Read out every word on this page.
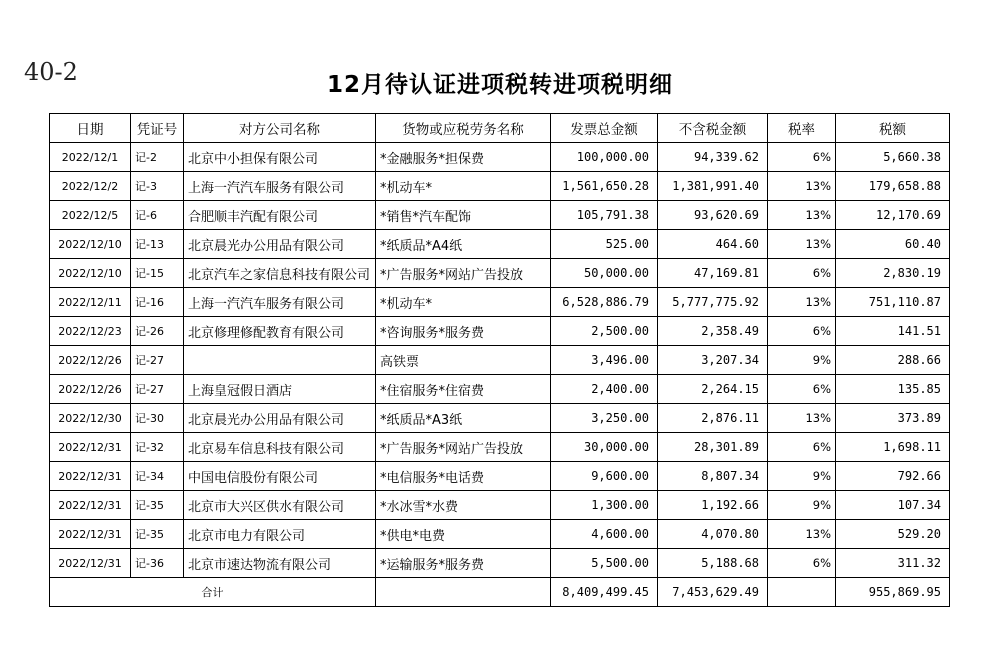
40-2	12月待认证进项税转进项税明细
日期	凭证号	对方公司名称	货物或应税劳务名称	发票总金额	不含税金额	税率	税额
2022/12/1	记-2	北京中小担保有限公司	*金融服务*担保费	100,000.00	94,339.62	6%	5,660.38
2022/12/2	记-3	上海一汽汽车服务有限公司	*机动车*	1,561,650.28	1,381,991.40	13%	179,658.88
2022/12/5	记-6	合肥顺丰汽配有限公司	*销售*汽车配饰	105,791.38	93,620.69	13%	12,170.69
2022/12/10	记-13	北京晨光办公用品有限公司	*纸质品*A4纸	525.00	464.60	13%	60.40
2022/12/10	记-15	北京汽车之家信息科技有限公司	*广告服务*网站广告投放	50,000.00	47,169.81	6%	2,830.19
2022/12/11	记-16	上海一汽汽车服务有限公司	*机动车*	6,528,886.79	5,777,775.92	13%	751,110.87
2022/12/23	记-26	北京修理修配教育有限公司	*咨询服务*服务费	2,500.00	2,358.49	6%	141.51
2022/12/26	记-27		高铁票	3,496.00	3,207.34	9%	288.66
2022/12/26	记-27	上海皇冠假日酒店	*住宿服务*住宿费	2,400.00	2,264.15	6%	135.85
2022/12/30	记-30	北京晨光办公用品有限公司	*纸质品*A3纸	3,250.00	2,876.11	13%	373.89
2022/12/31	记-32	北京易车信息科技有限公司	*广告服务*网站广告投放	30,000.00	28,301.89	6%	1,698.11
2022/12/31	记-34	中国电信股份有限公司	*电信服务*电话费	9,600.00	8,807.34	9%	792.66
2022/12/31	记-35	北京市大兴区供水有限公司	*水冰雪*水费	1,300.00	1,192.66	9%	107.34
2022/12/31	记-35	北京市电力有限公司	*供电*电费	4,600.00	4,070.80	13%	529.20
2022/12/31	记-36	北京市速达物流有限公司	*运输服务*服务费	5,500.00	5,188.68	6%	311.32
合计				8,409,499.45	7,453,629.49		955,869.95
